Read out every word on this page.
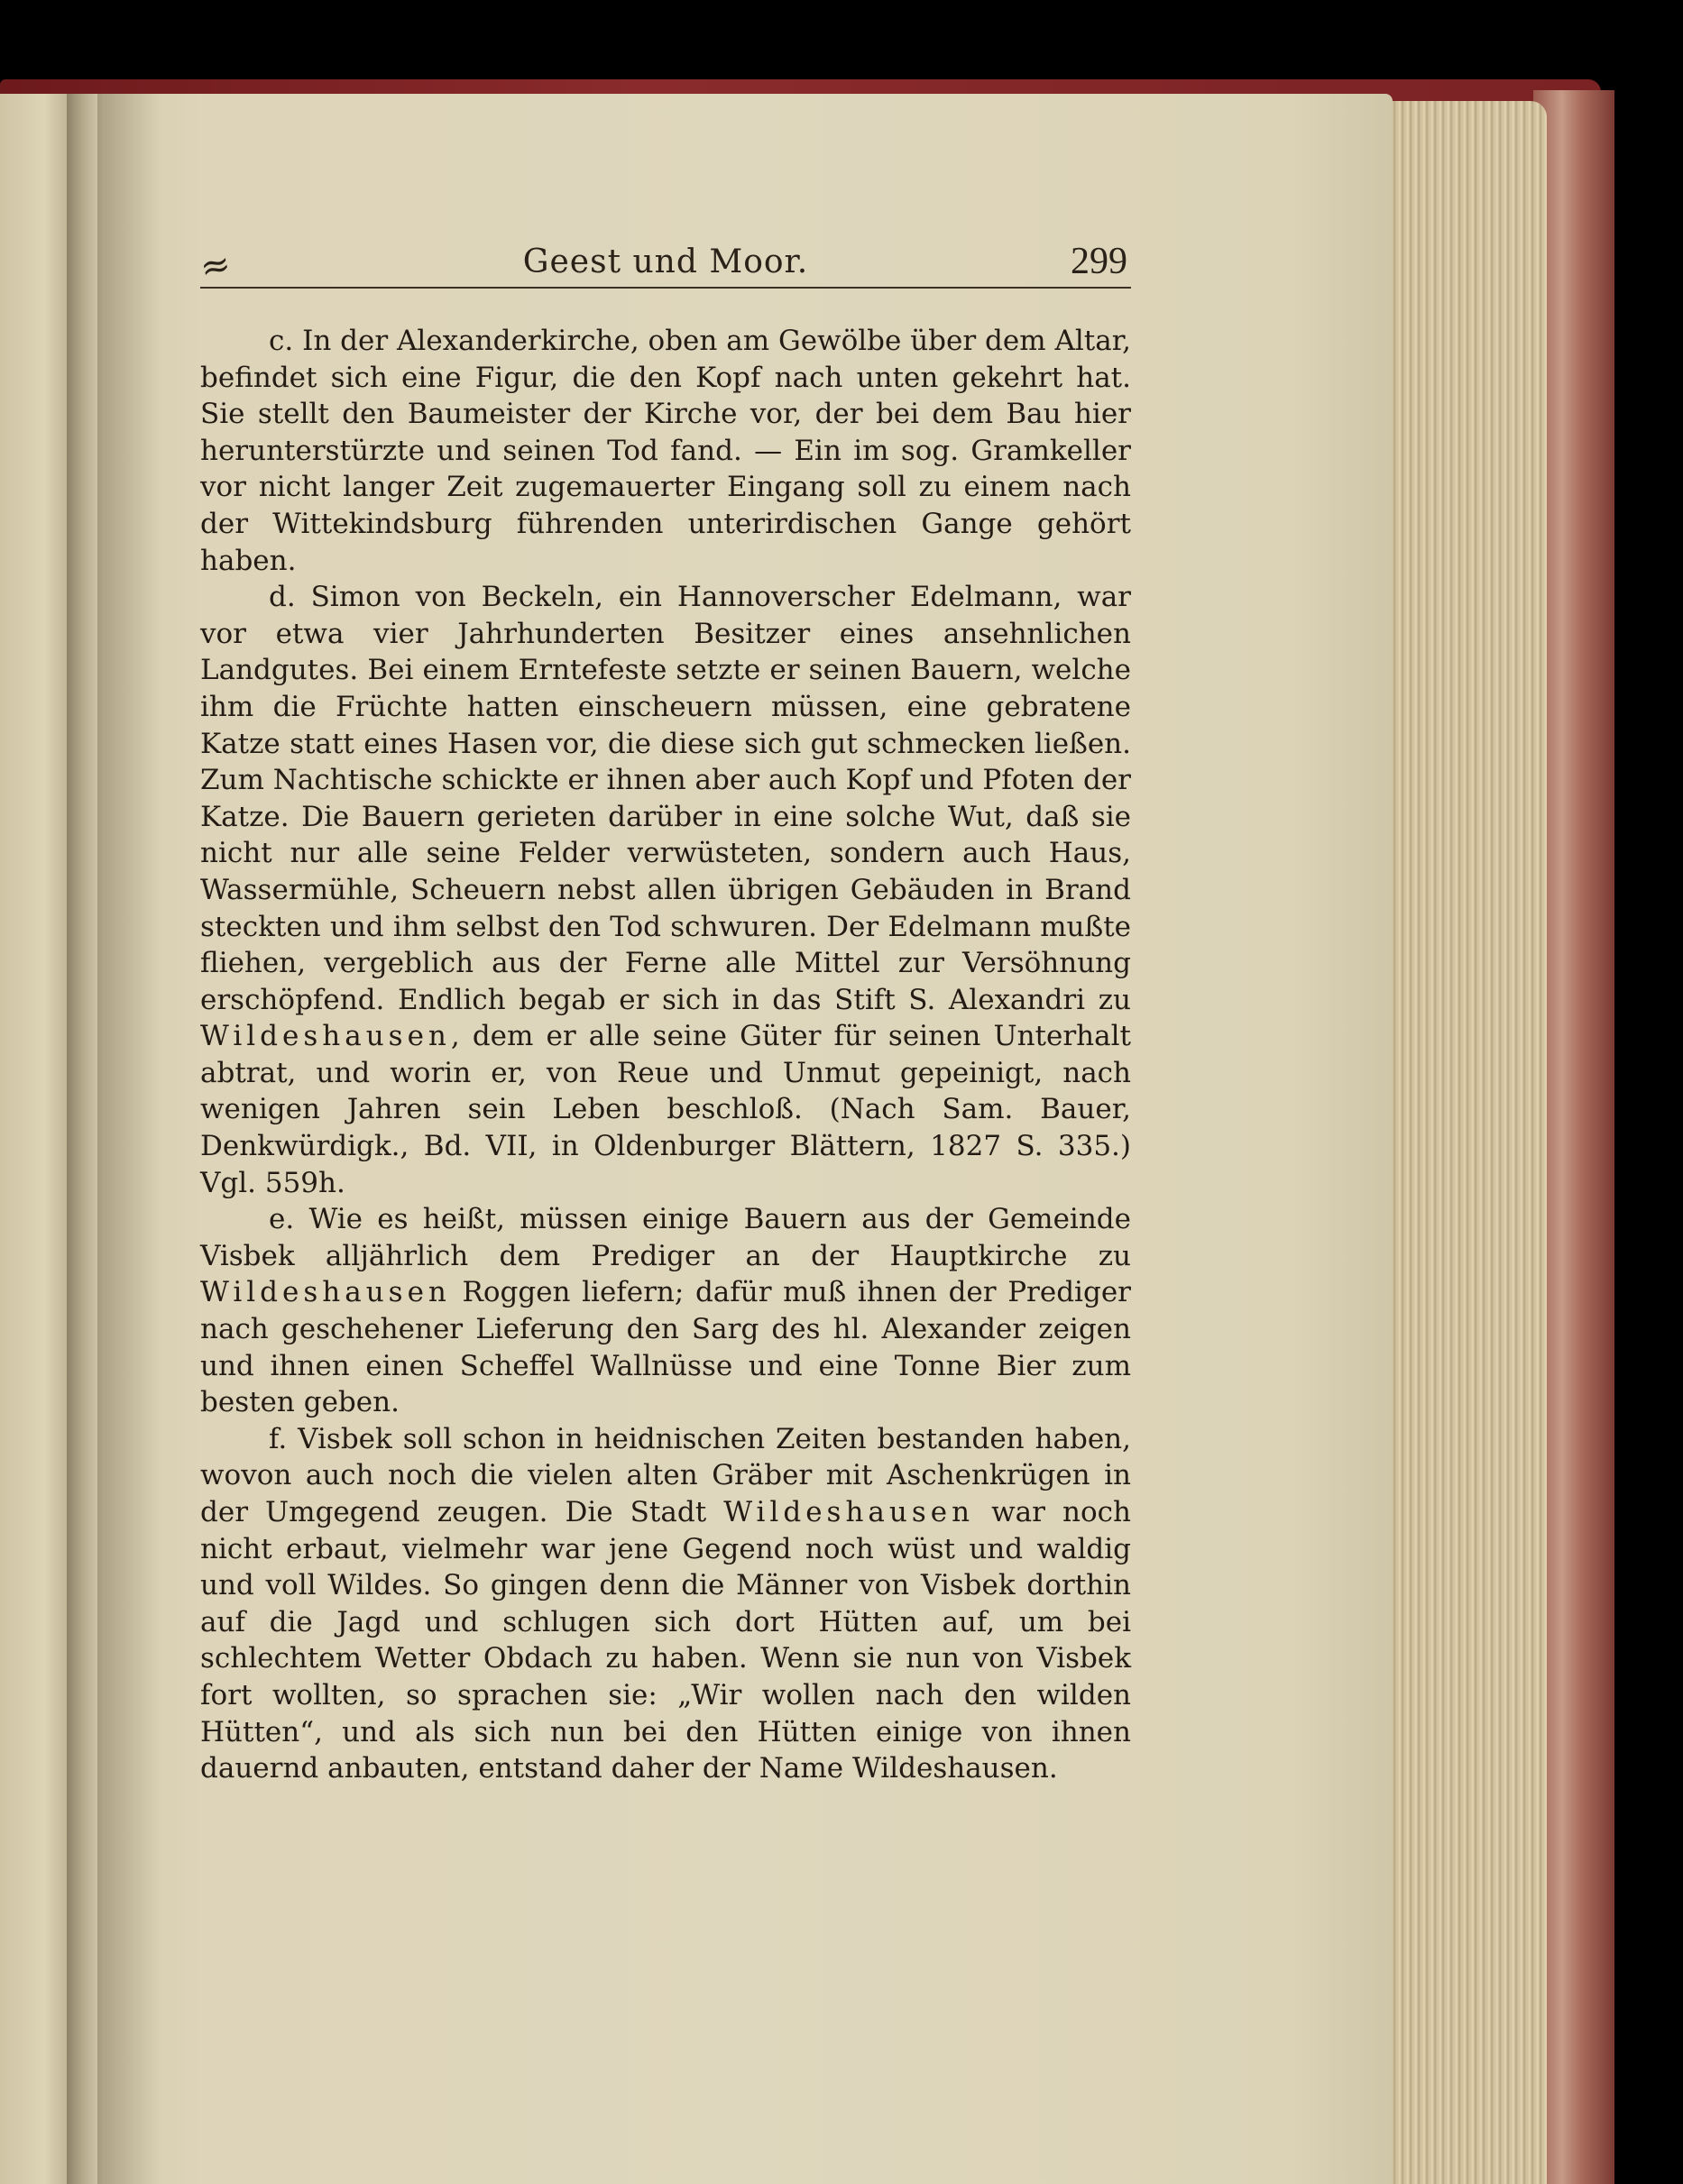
≈	Geest und Moor.	299

c. In der Alexanderkirche, oben am Gewölbe über dem Altar, befindet sich eine Figur, die den Kopf nach unten gekehrt hat. Sie stellt den Baumeister der Kirche vor, der bei dem Bau hier herunterstürzte und seinen Tod fand. — Ein im sog. Gramkeller vor nicht langer Zeit zugemauerter Eingang soll zu einem nach der Wittekindsburg führenden unterirdischen Gange gehört haben.

d. Simon von Beckeln, ein Hannoverscher Edelmann, war vor etwa vier Jahrhunderten Besitzer eines ansehnlichen Landgutes. Bei einem Erntefeste setzte er seinen Bauern, welche ihm die Früchte hatten einscheuern müssen, eine gebratene Katze statt eines Hasen vor, die diese sich gut schmecken ließen. Zum Nachtische schickte er ihnen aber auch Kopf und Pfoten der Katze. Die Bauern gerieten darüber in eine solche Wut, daß sie nicht nur alle seine Felder verwüsteten, sondern auch Haus, Wassermühle, Scheuern nebst allen übrigen Gebäuden in Brand steckten und ihm selbst den Tod schwuren. Der Edelmann mußte fliehen, vergeblich aus der Ferne alle Mittel zur Versöhnung erschöpfend. Endlich begab er sich in das Stift S. Alexandri zu Wildeshausen, dem er alle seine Güter für seinen Unterhalt abtrat, und worin er, von Reue und Unmut gepeinigt, nach wenigen Jahren sein Leben beschloß. (Nach Sam. Bauer, Denkwürdigk., Bd. VII, in Oldenburger Blättern, 1827 S. 335.) Vgl. 559h.

e. Wie es heißt, müssen einige Bauern aus der Gemeinde Visbek alljährlich dem Prediger an der Hauptkirche zu Wildeshausen Roggen liefern; dafür muß ihnen der Prediger nach geschehener Lieferung den Sarg des hl. Alexander zeigen und ihnen einen Scheffel Wallnüsse und eine Tonne Bier zum besten geben.

f. Visbek soll schon in heidnischen Zeiten bestanden haben, wovon auch noch die vielen alten Gräber mit Aschenkrügen in der Umgegend zeugen. Die Stadt Wildeshausen war noch nicht erbaut, vielmehr war jene Gegend noch wüst und waldig und voll Wildes. So gingen denn die Männer von Visbek dorthin auf die Jagd und schlugen sich dort Hütten auf, um bei schlechtem Wetter Obdach zu haben. Wenn sie nun von Visbek fort wollten, so sprachen sie: „Wir wollen nach den wilden Hütten“, und als sich nun bei den Hütten einige von ihnen dauernd anbauten, entstand daher der Name Wildeshausen.
